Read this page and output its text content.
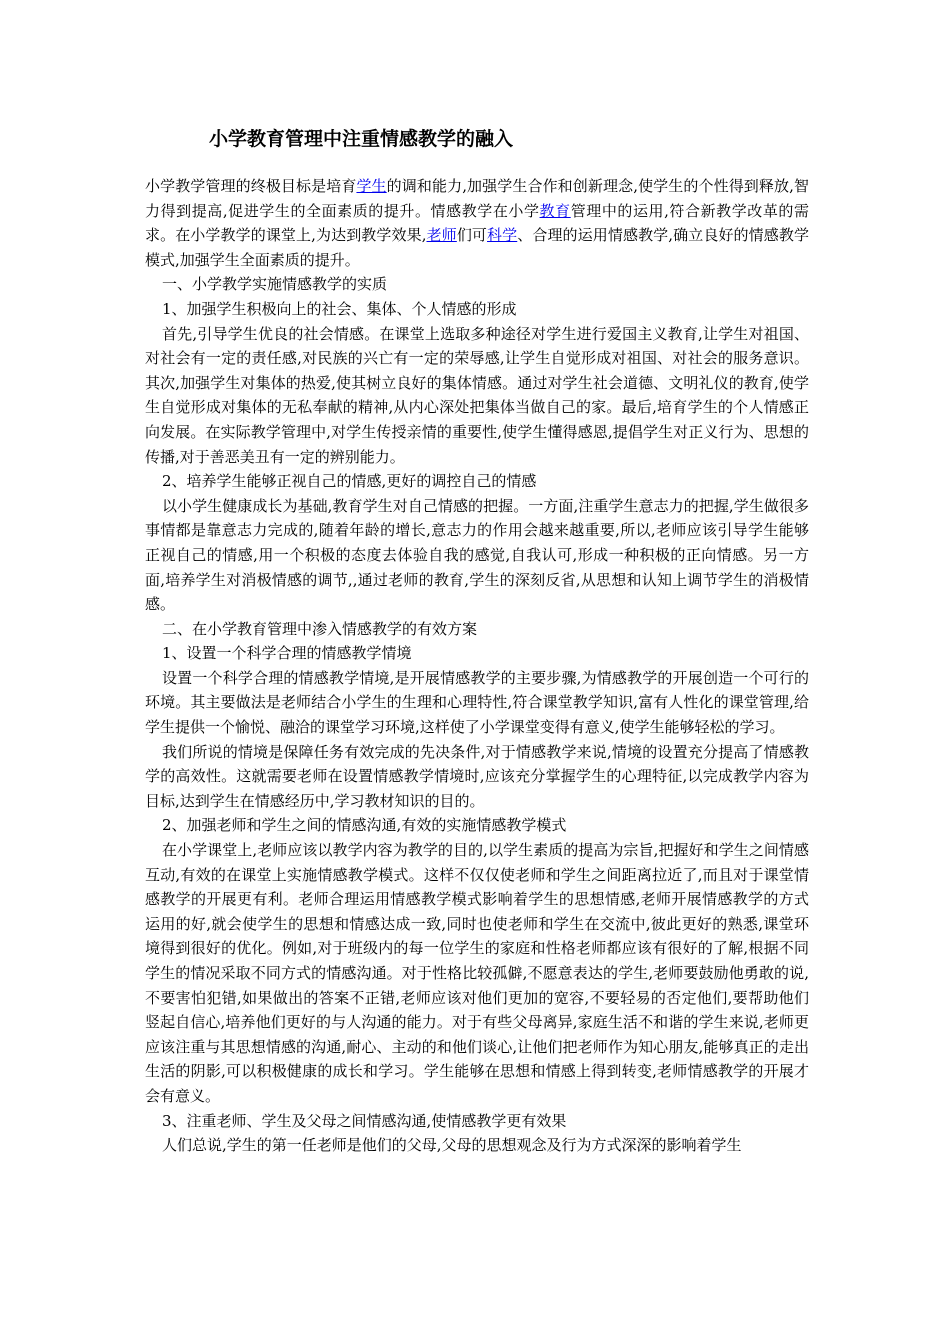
小学教育管理中注重情感教学的融入

小学教学管理的终极目标是培育学生的调和能力,加强学生合作和创新理念,使学生的个性得到释放,智力得到提高,促进学生的全面素质的提升。情感教学在小学教育管理中的运用,符合新教学改革的需求。在小学教学的课堂上,为达到教学效果,老师们可科学、合理的运用情感教学,确立良好的情感教学模式,加强学生全面素质的提升。

一、小学教学实施情感教学的实质

1、加强学生积极向上的社会、集体、个人情感的形成

首先,引导学生优良的社会情感。在课堂上选取多种途径对学生进行爱国主义教育,让学生对祖国、对社会有一定的责任感,对民族的兴亡有一定的荣辱感,让学生自觉形成对祖国、对社会的服务意识。其次,加强学生对集体的热爱,使其树立良好的集体情感。通过对学生社会道德、文明礼仪的教育,使学生自觉形成对集体的无私奉献的精神,从内心深处把集体当做自己的家。最后,培育学生的个人情感正向发展。在实际教学管理中,对学生传授亲情的重要性,使学生懂得感恩,提倡学生对正义行为、思想的传播,对于善恶美丑有一定的辨别能力。

2、培养学生能够正视自己的情感,更好的调控自己的情感

以小学生健康成长为基础,教育学生对自己情感的把握。一方面,注重学生意志力的把握,学生做很多事情都是靠意志力完成的,随着年龄的增长,意志力的作用会越来越重要,所以,老师应该引导学生能够正视自己的情感,用一个积极的态度去体验自我的感觉,自我认可,形成一种积极的正向情感。另一方面,培养学生对消极情感的调节,,通过老师的教育,学生的深刻反省,从思想和认知上调节学生的消极情感。

二、在小学教育管理中渗入情感教学的有效方案

1、设置一个科学合理的情感教学情境

设置一个科学合理的情感教学情境,是开展情感教学的主要步骤,为情感教学的开展创造一个可行的环境。其主要做法是老师结合小学生的生理和心理特性,符合课堂教学知识,富有人性化的课堂管理,给学生提供一个愉悦、融洽的课堂学习环境,这样使了小学课堂变得有意义,使学生能够轻松的学习。

我们所说的情境是保障任务有效完成的先决条件,对于情感教学来说,情境的设置充分提高了情感教学的高效性。这就需要老师在设置情感教学情境时,应该充分掌握学生的心理特征,以完成教学内容为目标,达到学生在情感经历中,学习教材知识的目的。

2、加强老师和学生之间的情感沟通,有效的实施情感教学模式

在小学课堂上,老师应该以教学内容为教学的目的,以学生素质的提高为宗旨,把握好和学生之间情感互动,有效的在课堂上实施情感教学模式。这样不仅仅使老师和学生之间距离拉近了,而且对于课堂情感教学的开展更有利。老师合理运用情感教学模式影响着学生的思想情感,老师开展情感教学的方式运用的好,就会使学生的思想和情感达成一致,同时也使老师和学生在交流中,彼此更好的熟悉,课堂环境得到很好的优化。例如,对于班级内的每一位学生的家庭和性格老师都应该有很好的了解,根据不同学生的情况采取不同方式的情感沟通。对于性格比较孤僻,不愿意表达的学生,老师要鼓励他勇敢的说,不要害怕犯错,如果做出的答案不正错,老师应该对他们更加的宽容,不要轻易的否定他们,要帮助他们竖起自信心,培养他们更好的与人沟通的能力。对于有些父母离异,家庭生活不和谐的学生来说,老师更应该注重与其思想情感的沟通,耐心、主动的和他们谈心,让他们把老师作为知心朋友,能够真正的走出生活的阴影,可以积极健康的成长和学习。学生能够在思想和情感上得到转变,老师情感教学的开展才会有意义。

3、注重老师、学生及父母之间情感沟通,使情感教学更有效果

人们总说,学生的第一任老师是他们的父母,父母的思想观念及行为方式深深的影响着学生
